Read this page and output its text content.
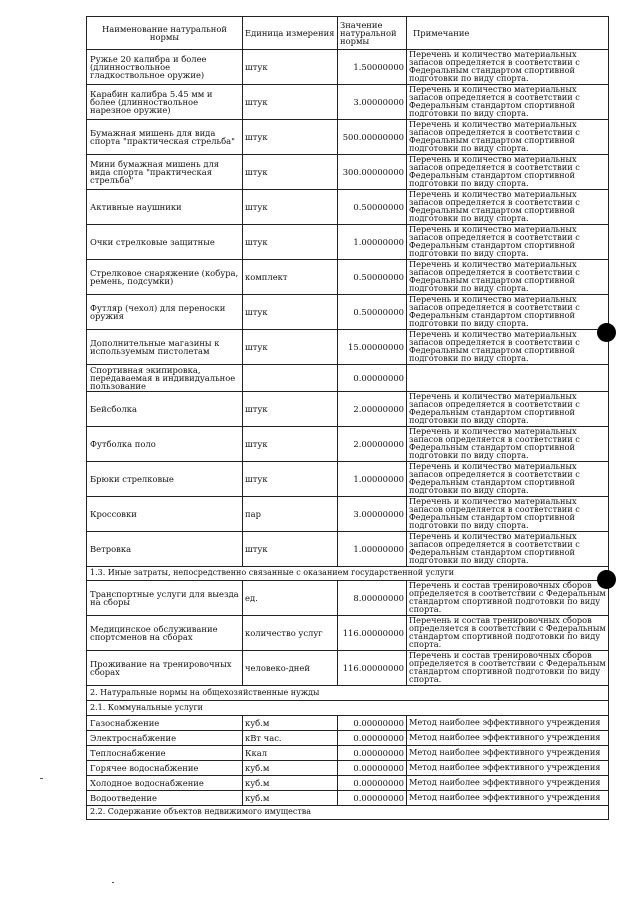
Наименование натуральной нормы	Единица измерения	Значение натуральной нормы	Примечание
Ружье 20 калибра и более (длинноствольное гладкоствольное оружие)	штук	1.50000000	Перечень и количество материальных запасов определяется в соответствии с Федеральным стандартом спортивной подготовки по виду спорта.
Карабин калибра 5.45 мм и более (длинноствольное нарезное оружие)	штук	3.00000000	Перечень и количество материальных запасов определяется в соответствии с Федеральным стандартом спортивной подготовки по виду спорта.
Бумажная мишень для вида спорта "практическая стрельба"	штук	500.00000000	Перечень и количество материальных запасов определяется в соответствии с Федеральным стандартом спортивной подготовки по виду спорта.
Мини бумажная мишень для вида спорта "практическая стрельба"	штук	300.00000000	Перечень и количество материальных запасов определяется в соответствии с Федеральным стандартом спортивной подготовки по виду спорта.
Активные наушники	штук	0.50000000	Перечень и количество материальных запасов определяется в соответствии с Федеральным стандартом спортивной подготовки по виду спорта.
Очки стрелковые защитные	штук	1.00000000	Перечень и количество материальных запасов определяется в соответствии с Федеральным стандартом спортивной подготовки по виду спорта.
Стрелковое снаряжение (кобура, ремень, подсумки)	комплект	0.50000000	Перечень и количество материальных запасов определяется в соответствии с Федеральным стандартом спортивной подготовки по виду спорта.
Футляр (чехол) для переноски оружия	штук	0.50000000	Перечень и количество материальных запасов определяется в соответствии с Федеральным стандартом спортивной подготовки по виду спорта.
Дополнительные магазины к используемым пистолетам	штук	15.00000000	Перечень и количество материальных запасов определяется в соответствии с Федеральным стандартом спортивной подготовки по виду спорта.
Спортивная экипировка, передаваемая в индивидуальное пользование		0.00000000	
Бейсболка	штук	2.00000000	Перечень и количество материальных запасов определяется в соответствии с Федеральным стандартом спортивной подготовки по виду спорта.
Футболка поло	штук	2.00000000	Перечень и количество материальных запасов определяется в соответствии с Федеральным стандартом спортивной подготовки по виду спорта.
Брюки стрелковые	штук	1.00000000	Перечень и количество материальных запасов определяется в соответствии с Федеральным стандартом спортивной подготовки по виду спорта.
Кроссовки	пар	3.00000000	Перечень и количество материальных запасов определяется в соответствии с Федеральным стандартом спортивной подготовки по виду спорта.
Ветровка	штук	1.00000000	Перечень и количество материальных запасов определяется в соответствии с Федеральным стандартом спортивной подготовки по виду спорта.
1.3. Иные затраты, непосредственно связанные с оказанием государственной услуги			
Транспортные услуги для выезда на сборы	ед.	8.00000000	Перечень и состав тренировочных сборов определяется в соответствии с Федеральным стандартом спортивной подготовки по виду спорта.
Медицинское обслуживание спортсменов на сборах	количество услуг	116.00000000	Перечень и состав тренировочных сборов определяется в соответствии с Федеральным стандартом спортивной подготовки по виду спорта.
Проживание на тренировочных сборах	человеко-дней	116.00000000	Перечень и состав тренировочных сборов определяется в соответствии с Федеральным стандартом спортивной подготовки по виду спорта.
2. Натуральные нормы на общехозяйственные нужды			
2.1. Коммунальные услуги			
Газоснабжение	куб.м	0.00000000	Метод наиболее эффективного учреждения
Электроснабжение	кВт час.	0.00000000	Метод наиболее эффективного учреждения
Теплоснабжение	Ккал	0.00000000	Метод наиболее эффективного учреждения
Горячее водоснабжение	куб.м	0.00000000	Метод наиболее эффективного учреждения
Холодное водоснабжение	куб.м	0.00000000	Метод наиболее эффективного учреждения
Водоотведение	куб.м	0.00000000	Метод наиболее эффективного учреждения
2.2. Содержание объектов недвижимого имущества			
